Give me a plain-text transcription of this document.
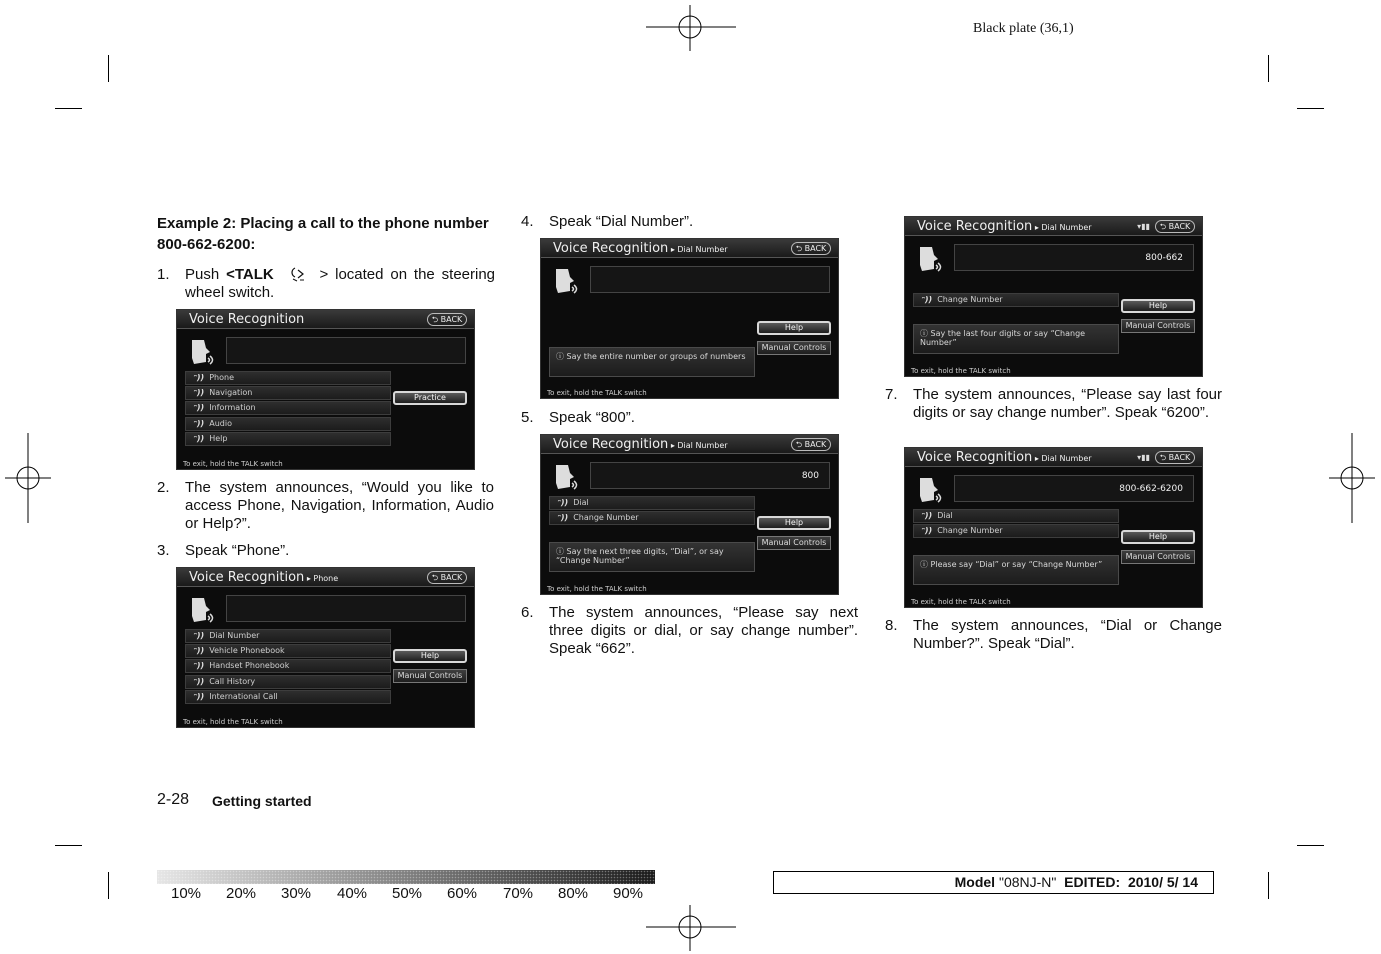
Black plate (36,1)
Example 2: Placing a call to the phone number 800-662-6200:
1. Push <TALK	> located on the steering wheel switch.
Voice Recognition	⮌ BACK
ᵔ)) Phone
ᵔ)) Navigation
ᵔ)) Information
ᵔ)) Audio
ᵔ)) Help
Practice
To exit, hold the TALK switch
2. The system announces, “Would you like to access Phone, Navigation, Information, Audio or Help?”.
3. Speak “Phone”.
Voice Recognition ▸ Phone	⮌ BACK
ᵔ)) Dial Number
ᵔ)) Vehicle Phonebook
ᵔ)) Handset Phonebook
ᵔ)) Call History
ᵔ)) International Call
Help
Manual Controls
To exit, hold the TALK switch
4. Speak “Dial Number”.
Voice Recognition ▸ Dial Number	⮌ BACK
Help
Manual Controls
ⓘ Say the entire number or groups of numbers
To exit, hold the TALK switch
5. Speak “800”.
Voice Recognition ▸ Dial Number	⮌ BACK
800
ᵔ)) Dial
ᵔ)) Change Number
Help
Manual Controls
ⓘ Say the next three digits, “Dial”, or say “Change Number”
To exit, hold the TALK switch
6. The system announces, “Please say next three digits or dial, or say change number”. Speak “662”.
Voice Recognition ▸ Dial Number	▾▮▮	⮌ BACK
800-662
ᵔ)) Change Number
Help
Manual Controls
ⓘ Say the last four digits or say “Change Number”
To exit, hold the TALK switch
7. The system announces, “Please say last four digits or say change number”. Speak “6200”.
Voice Recognition ▸ Dial Number	▾▮▮	⮌ BACK
800-662-6200
ᵔ)) Dial
ᵔ)) Change Number
Help
Manual Controls
ⓘ Please say “Dial” or say “Change Number”
To exit, hold the TALK switch
8. The system announces, “Dial or Change Number?”. Speak “Dial”.
2-28 Getting started
10% 20% 30% 40% 50% 60% 70% 80% 90%
Model "08NJ-N" EDITED: 2010/ 5/ 14
